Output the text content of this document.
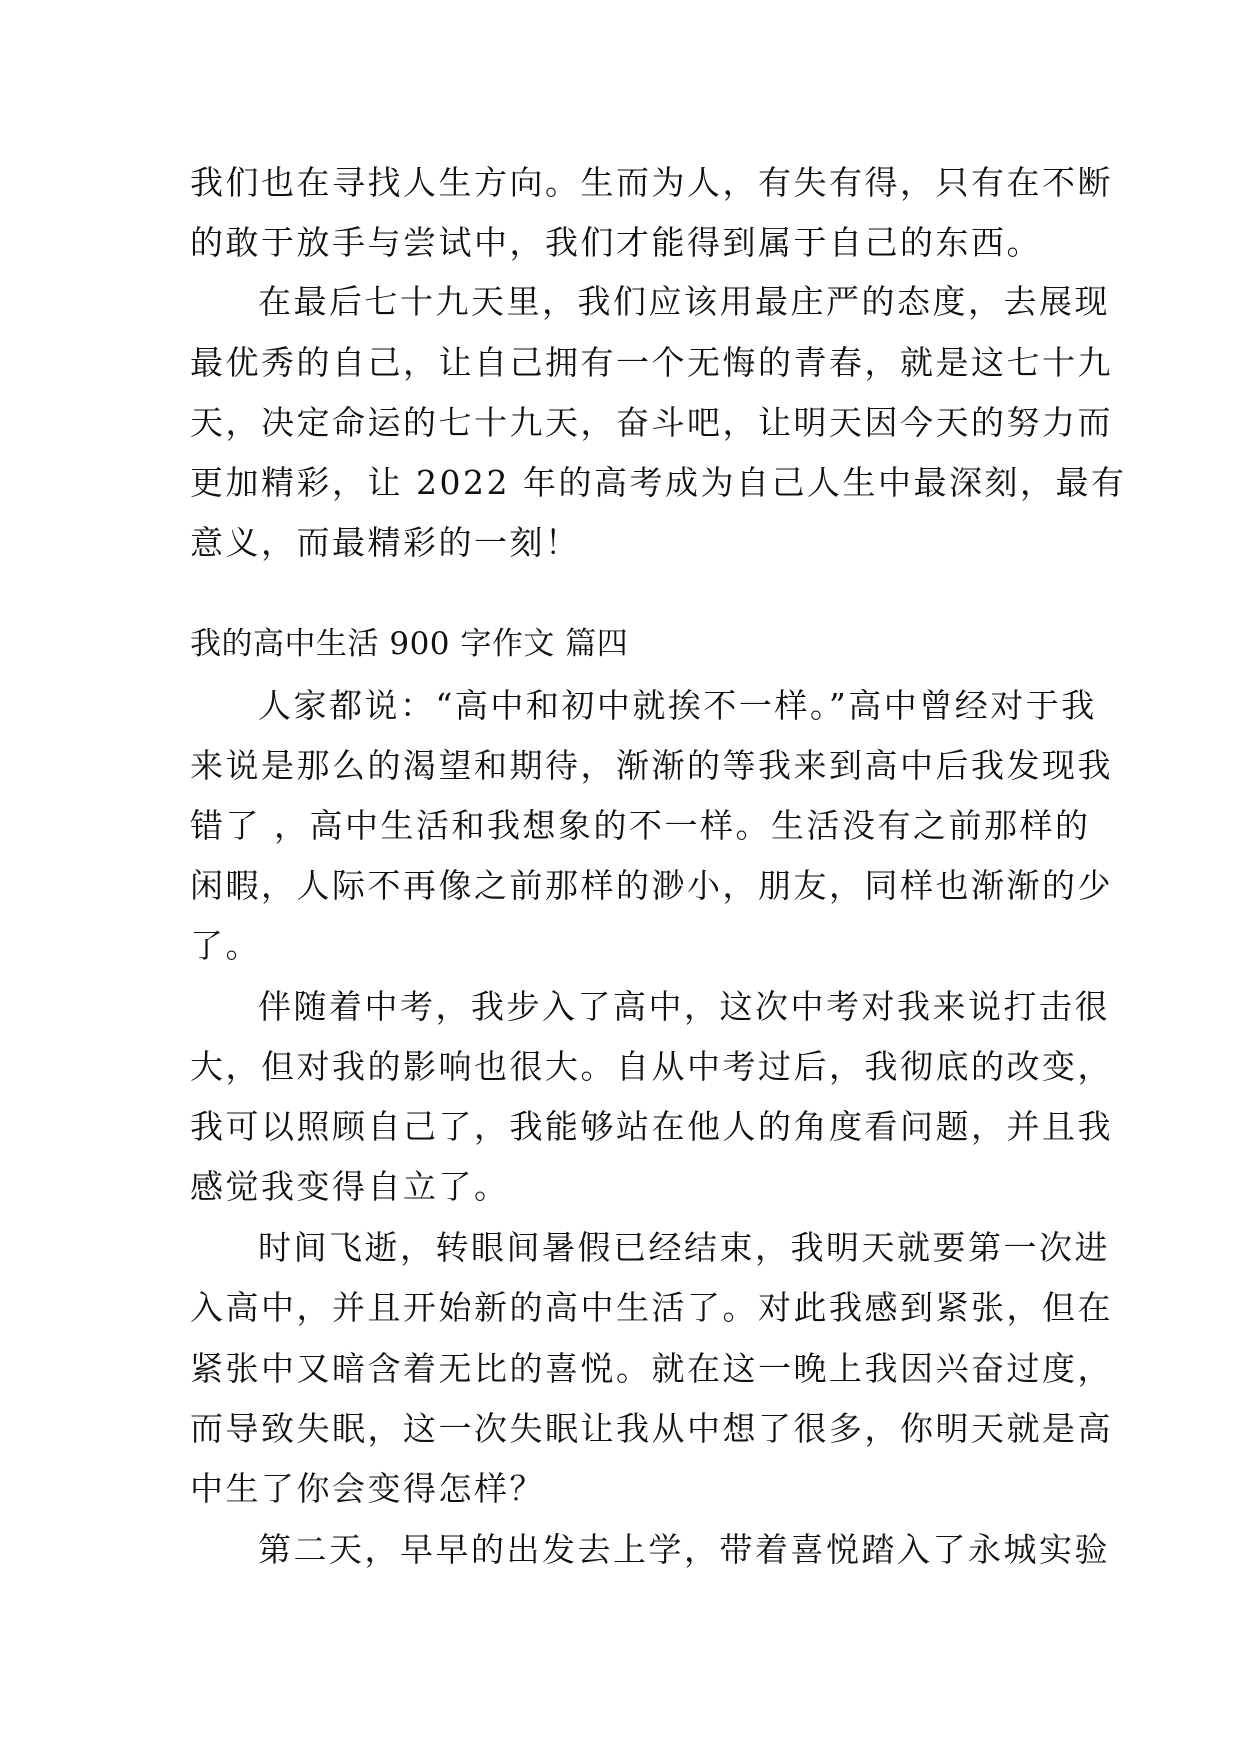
我们也在寻找人生方向。生而为人，有失有得，只有在不断
的敢于放手与尝试中，我们才能得到属于自己的东西。
在最后七十九天里，我们应该用最庄严的态度，去展现
最优秀的自己，让自己拥有一个无悔的青春，就是这七十九
天，决定命运的七十九天，奋斗吧，让明天因今天的努力而
更加精彩，让 2022 年的高考成为自己人生中最深刻，最有
意义，而最精彩的一刻！
我的高中生活 900 字作文 篇四
人家都说：“高中和初中就挨不一样。”高中曾经对于我
来说是那么的渴望和期待，渐渐的等我来到高中后我发现我
错了 ，高中生活和我想象的不一样。生活没有之前那样的
闲暇，人际不再像之前那样的渺小，朋友，同样也渐渐的少
了。
伴随着中考，我步入了高中，这次中考对我来说打击很
大，但对我的影响也很大。自从中考过后，我彻底的改变，
我可以照顾自己了，我能够站在他人的角度看问题，并且我
感觉我变得自立了。
时间飞逝，转眼间暑假已经结束，我明天就要第一次进
入高中，并且开始新的高中生活了。对此我感到紧张，但在
紧张中又暗含着无比的喜悦。就在这一晚上我因兴奋过度，
而导致失眠，这一次失眠让我从中想了很多，你明天就是高
中生了你会变得怎样？
第二天，早早的出发去上学，带着喜悦踏入了永城实验
